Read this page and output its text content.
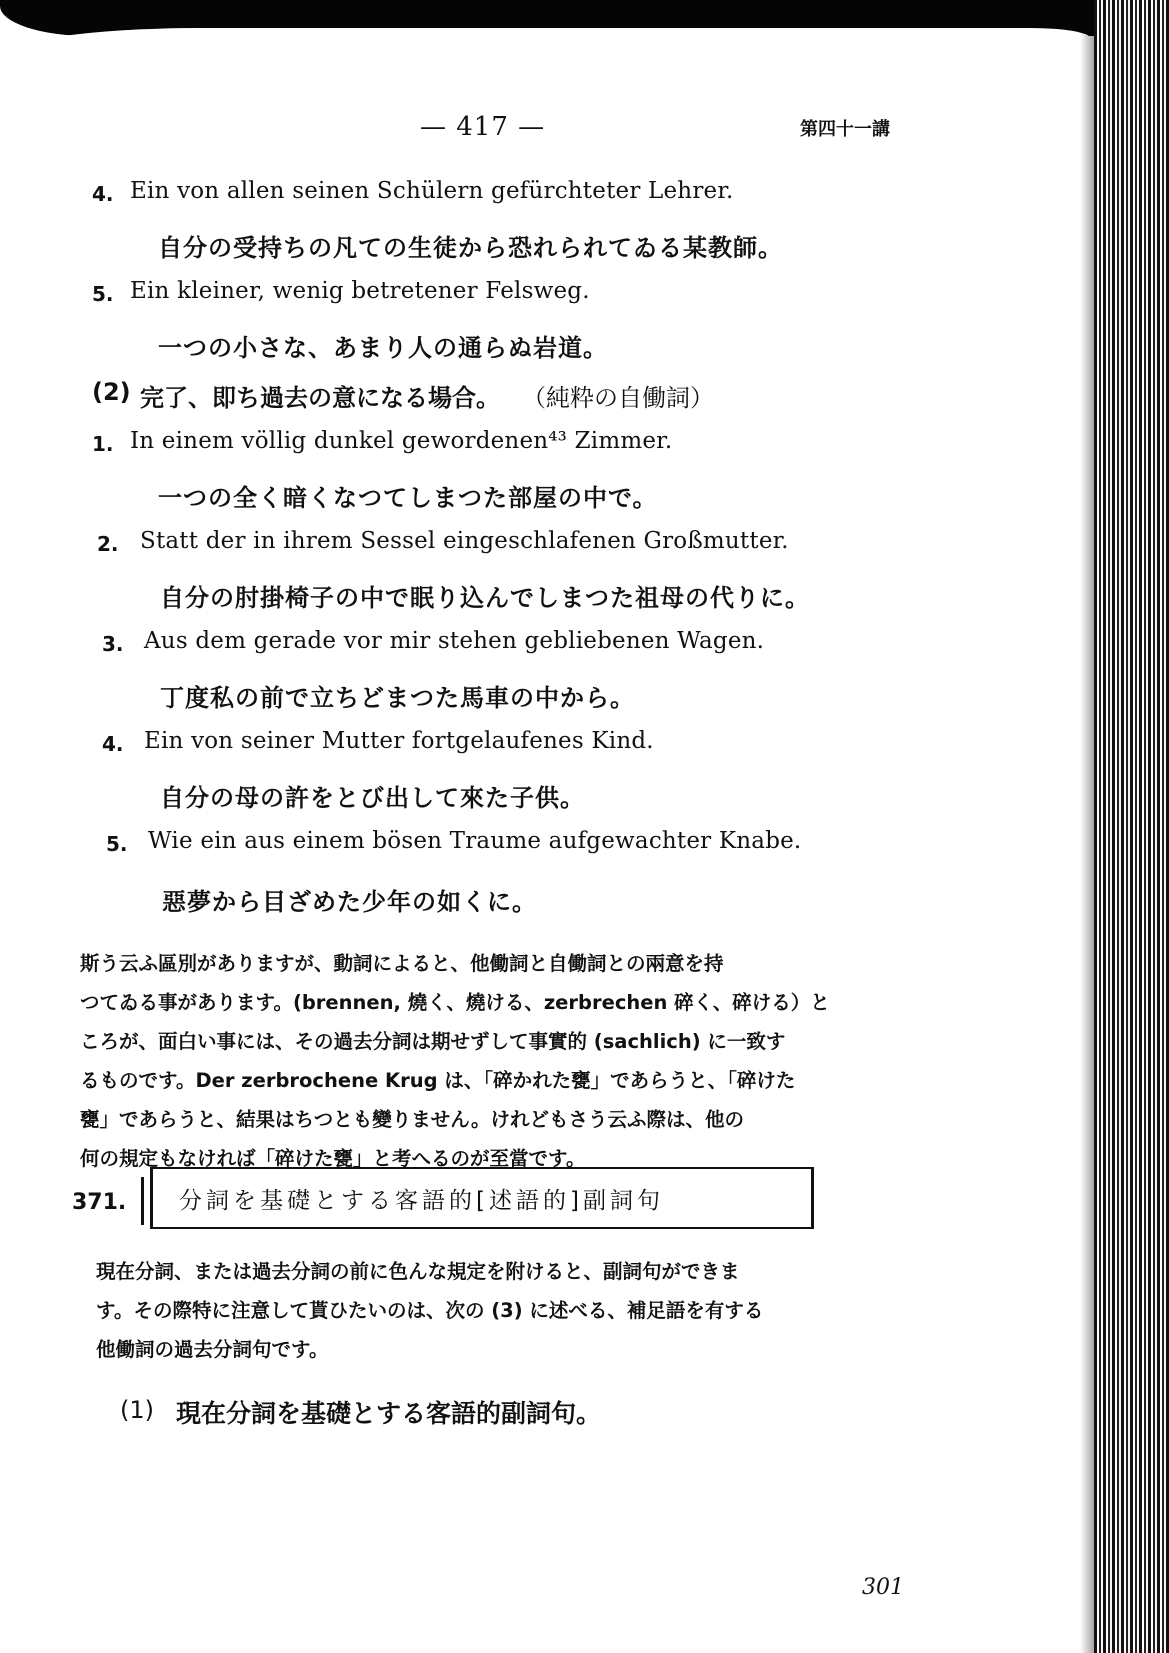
— 417 —	第四十一講
4. Ein von allen seinen Schülern gefürchteter Lehrer.
自分の受持ちの凡ての生徒から恐れられてゐる某教師。
5. Ein kleiner, wenig betretener Felsweg.
一つの小さな、あまり人の通らぬ岩道。
(2) 完了、即ち過去の意になる場合。 （純粋の自働詞）
1. In einem völlig dunkel gewordenen⁴³ Zimmer.
一つの全く暗くなつてしまつた部屋の中で。
2. Statt der in ihrem Sessel eingeschlafenen Großmutter.
自分の肘掛椅子の中で眠り込んでしまつた祖母の代りに。
3. Aus dem gerade vor mir stehen gebliebenen Wagen.
丁度私の前で立ちどまつた馬車の中から。
4. Ein von seiner Mutter fortgelaufenes Kind.
自分の母の許をとび出して來た子供。
5. Wie ein aus einem bösen Traume aufgewachter Knabe.
惡夢から目ざめた少年の如くに。
斯う云ふ區別がありますが、動詞によると、他働詞と自働詞との兩意を持
つてゐる事があります。(brennen, 燒く、燒ける、zerbrechen 碎く、碎ける）と
ころが、面白い事には、その過去分詞は期せずして事實的 (sachlich) に一致す
るものです。Der zerbrochene Krug は、「碎かれた甕」であらうと、「碎けた
甕」であらうと、結果はちつとも變りません。けれどもさう云ふ際は、他の
何の規定もなければ「碎けた甕」と考へるのが至當です。
371. 分詞を基礎とする客語的[述語的]副詞句
現在分詞、または過去分詞の前に色んな規定を附けると、副詞句ができま
す。その際特に注意して貰ひたいのは、次の (3) に述べる、補足語を有する
他働詞の過去分詞句です。
(1) 現在分詞を基礎とする客語的副詞句。
301
